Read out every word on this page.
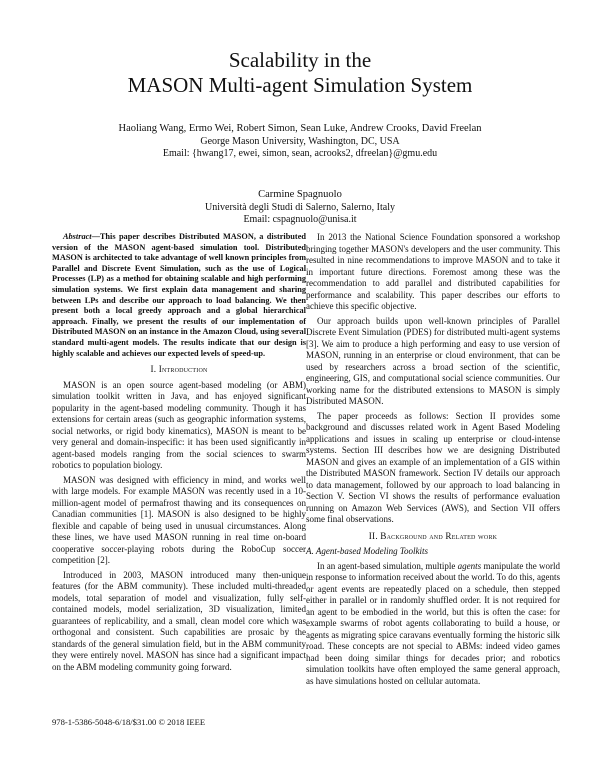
Scalability in the
MASON Multi-agent Simulation System
Haoliang Wang, Ermo Wei, Robert Simon, Sean Luke, Andrew Crooks, David Freelan
George Mason University, Washington, DC, USA
Email: {hwang17, ewei, simon, sean, acrooks2, dfreelan}@gmu.edu
Carmine Spagnuolo
Università degli Studi di Salerno, Salerno, Italy
Email: cspagnuolo@unisa.it

Abstract—This paper describes Distributed MASON, a distributed version of the MASON agent-based simulation tool. Distributed MASON is architected to take advantage of well known principles from Parallel and Discrete Event Simulation, such as the use of Logical Processes (LP) as a method for obtaining scalable and high performing simulation systems. We first explain data management and sharing between LPs and describe our approach to load balancing. We then present both a local greedy approach and a global hierarchical approach. Finally, we present the results of our implementation of Distributed MASON on an instance in the Amazon Cloud, using several standard multi-agent models. The results indicate that our design is highly scalable and achieves our expected levels of speed-up.

I. Introduction

MASON is an open source agent-based modeling (or ABM) simulation toolkit written in Java, and has enjoyed significant popularity in the agent-based modeling community. Though it has extensions for certain areas (such as geographic information systems, social networks, or rigid body kinematics), MASON is meant to be very general and domain-inspecific: it has been used significantly in agent-based models ranging from the social sciences to swarm robotics to population biology.

MASON was designed with efficiency in mind, and works well with large models. For example MASON was recently used in a 10-million-agent model of permafrost thawing and its consequences on Canadian communities [1]. MASON is also designed to be highly flexible and capable of being used in unusual circumstances. Along these lines, we have used MASON running in real time on-board cooperative soccer-playing robots during the RoboCup soccer competition [2].

Introduced in 2003, MASON introduced many then-unique features (for the ABM community). These included multi-threaded models, total separation of model and visualization, fully self-contained models, model serialization, 3D visualization, limited guarantees of replicability, and a small, clean model core which was orthogonal and consistent. Such capabilities are prosaic by the standards of the general simulation field, but in the ABM community they were entirely novel. MASON has since had a significant impact on the ABM modeling community going forward.

In 2013 the National Science Foundation sponsored a workshop bringing together MASON's developers and the user community. This resulted in nine recommendations to improve MASON and to take it in important future directions. Foremost among these was the recommendation to add parallel and distributed capabilities for performance and scalability. This paper describes our efforts to achieve this specific objective.

Our approach builds upon well-known principles of Parallel Discrete Event Simulation (PDES) for distributed multi-agent systems [3]. We aim to produce a high performing and easy to use version of MASON, running in an enterprise or cloud environment, that can be used by researchers across a broad section of the scientific, engineering, GIS, and computational social science communities. Our working name for the distributed extensions to MASON is simply Distributed MASON.

The paper proceeds as follows: Section II provides some background and discusses related work in Agent Based Modeling applications and issues in scaling up enterprise or cloud-intense systems. Section III describes how we are designing Distributed MASON and gives an example of an implementation of a GIS within the Distributed MASON framework. Section IV details our approach to data management, followed by our approach to load balancing in Section V. Section VI shows the results of performance evaluation running on Amazon Web Services (AWS), and Section VII offers some final observations.

II. Background and Related work
A. Agent-based Modeling Toolkits

In an agent-based simulation, multiple agents manipulate the world in response to information received about the world. To do this, agents or agent events are repeatedly placed on a schedule, then stepped either in parallel or in randomly shuffled order. It is not required for an agent to be embodied in the world, but this is often the case: for example swarms of robot agents collaborating to build a house, or agents as migrating spice caravans eventually forming the historic silk road. These concepts are not special to ABMs: indeed video games had been doing similar things for decades prior; and robotics simulation toolkits have often employed the same general approach, as have simulations hosted on cellular automata.

978-1-5386-5048-6/18/$31.00 © 2018 IEEE
